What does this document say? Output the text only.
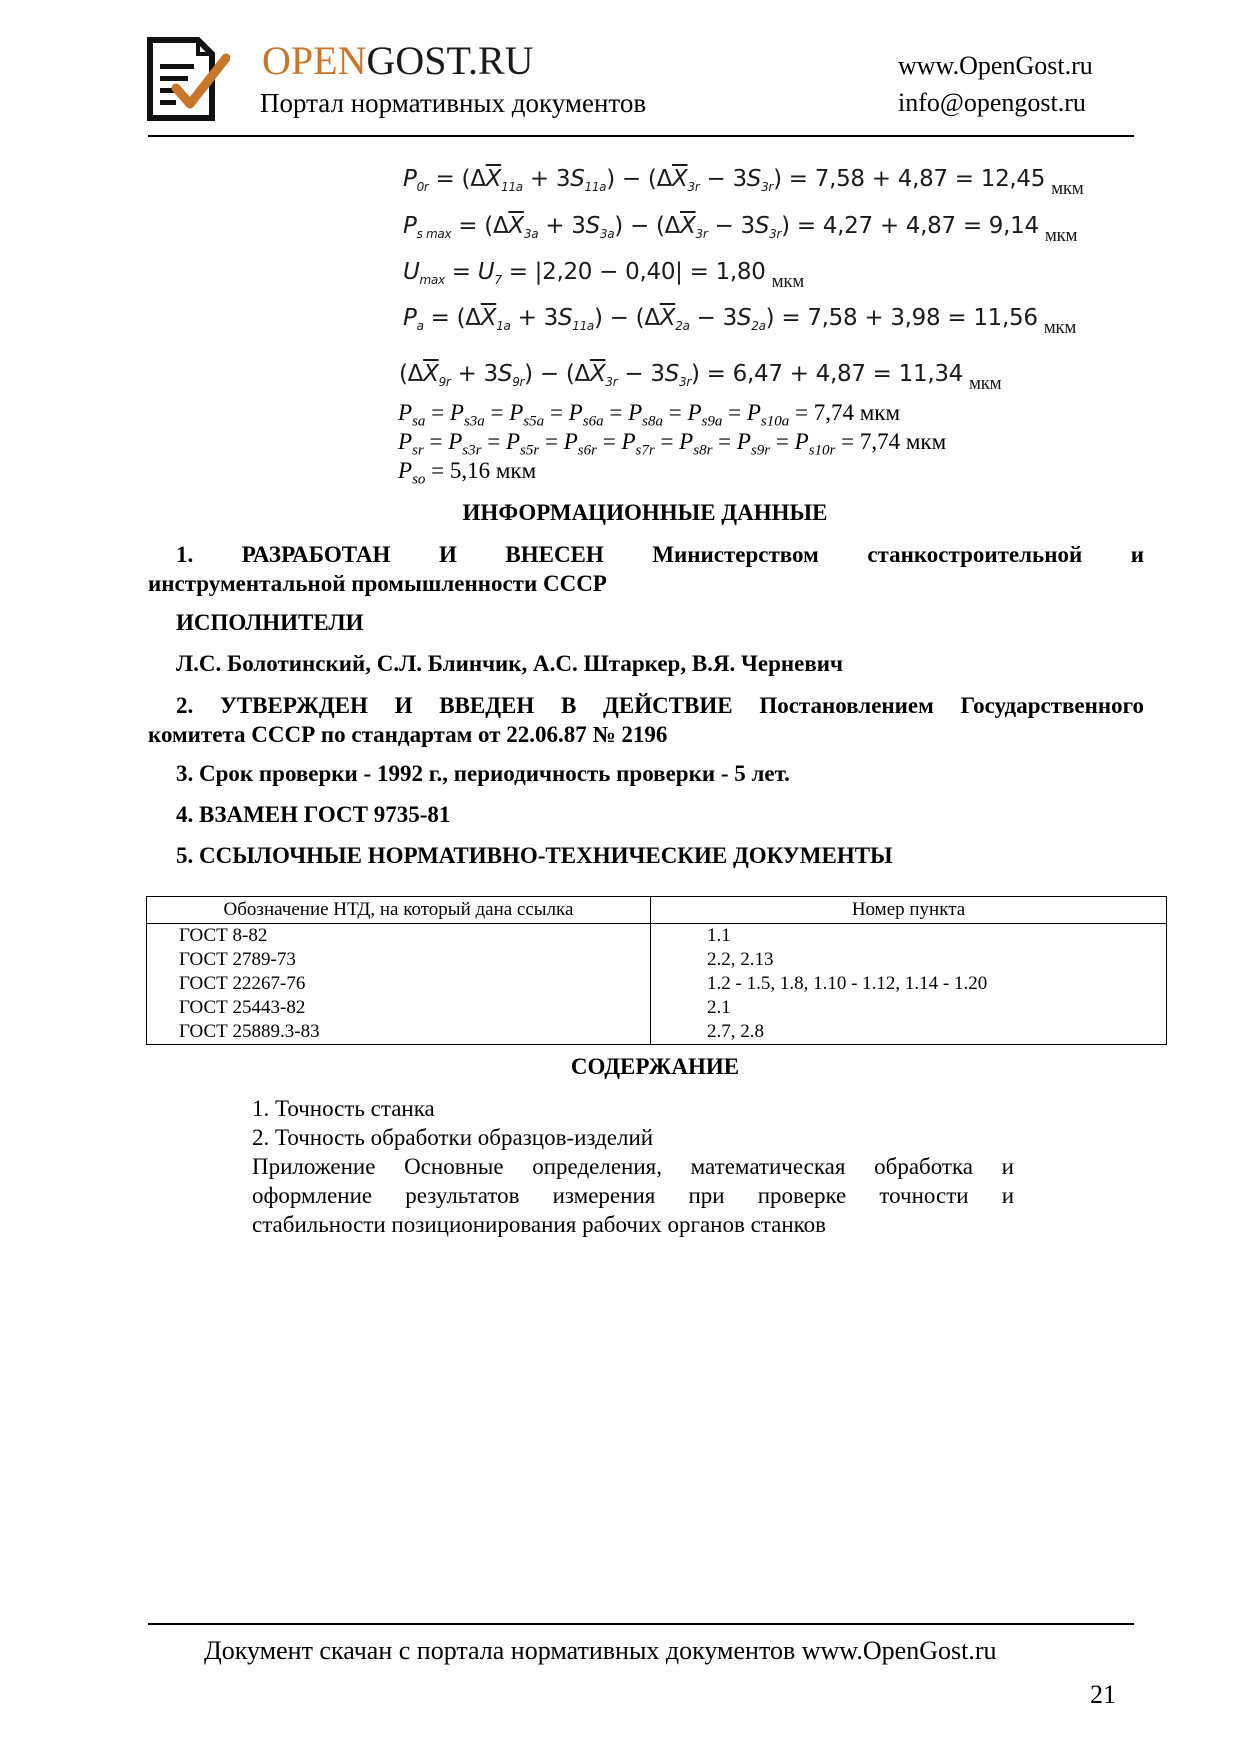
OPENGOST.RU
Портал нормативных документов
www.OpenGost.ru
info@opengost.ru
$P_{0r} = (\Delta\overline{X}_{11a} + 3S_{11a}) - (\Delta\overline{X}_{3r} - 3S_{3r}) = 7,58 + 4,87 = 12,45$ $_{мкм}$
$P_{s max} = (\Delta\overline{X}_{3a} + 3S_{3a}) - (\Delta\overline{X}_{3r} - 3S_{3r}) = 4,27 + 4,87 = 9,14$ $_{мкм}$
$U_{max} = U_7 = |2,20 - 0,40| = 1,80$ $_{мкм}$
$P_a = (\Delta\overline{X}_{1a} + 3S_{11a}) - (\Delta\overline{X}_{2a} - 3S_{2a}) = 7,58 + 3,98 = 11,56$ $_{мкм}$
$(\Delta\overline{X}_{9r} + 3S_{9r}) - (\Delta\overline{X}_{3r} - 3S_{3r}) = 6,47 + 4,87 = 11,34$ $_{мкм}$
$P_{sa} = P_{s3a} = P_{s5a} = P_{s6a} = P_{s8a} = P_{s9a} = P_{s10a} = 7,74$ мкм
$P_{sr} = P_{s3r} = P_{s5r} = P_{s6r} = P_{s7r} = P_{s8r} = P_{s9r} = P_{s10r} = 7,74$ мкм
$P_{so} = 5,16$ мкм
ИНФОРМАЦИОННЫЕ ДАННЫЕ
1. РАЗРАБОТАН И ВНЕСЕН Министерством станкостроительной и
инструментальной промышленности СССР
ИСПОЛНИТЕЛИ
Л.С. Болотинский, С.Л. Блинчик, А.С. Штаркер, В.Я. Черневич
2. УТВЕРЖДЕН И ВВЕДЕН В ДЕЙСТВИЕ Постановлением Государственного
комитета СССР по стандартам от 22.06.87 № 2196
3. Срок проверки - 1992 г., периодичность проверки - 5 лет.
4. ВЗАМЕН ГОСТ 9735-81
5. ССЫЛОЧНЫЕ НОРМАТИВНО-ТЕХНИЧЕСКИЕ ДОКУМЕНТЫ
Обозначение НТД, на который дана ссылка	Номер пункта
ГОСТ 8-82	1.1
ГОСТ 2789-73	2.2, 2.13
ГОСТ 22267-76	1.2 - 1.5, 1.8, 1.10 - 1.12, 1.14 - 1.20
ГОСТ 25443-82	2.1
ГОСТ 25889.3-83	2.7, 2.8
СОДЕРЖАНИЕ
1. Точность станка
2. Точность обработки образцов-изделий
Приложение Основные определения, математическая обработка и
оформление результатов измерения при проверке точности и
стабильности позиционирования рабочих органов станков
Документ скачан с портала нормативных документов www.OpenGost.ru
21
